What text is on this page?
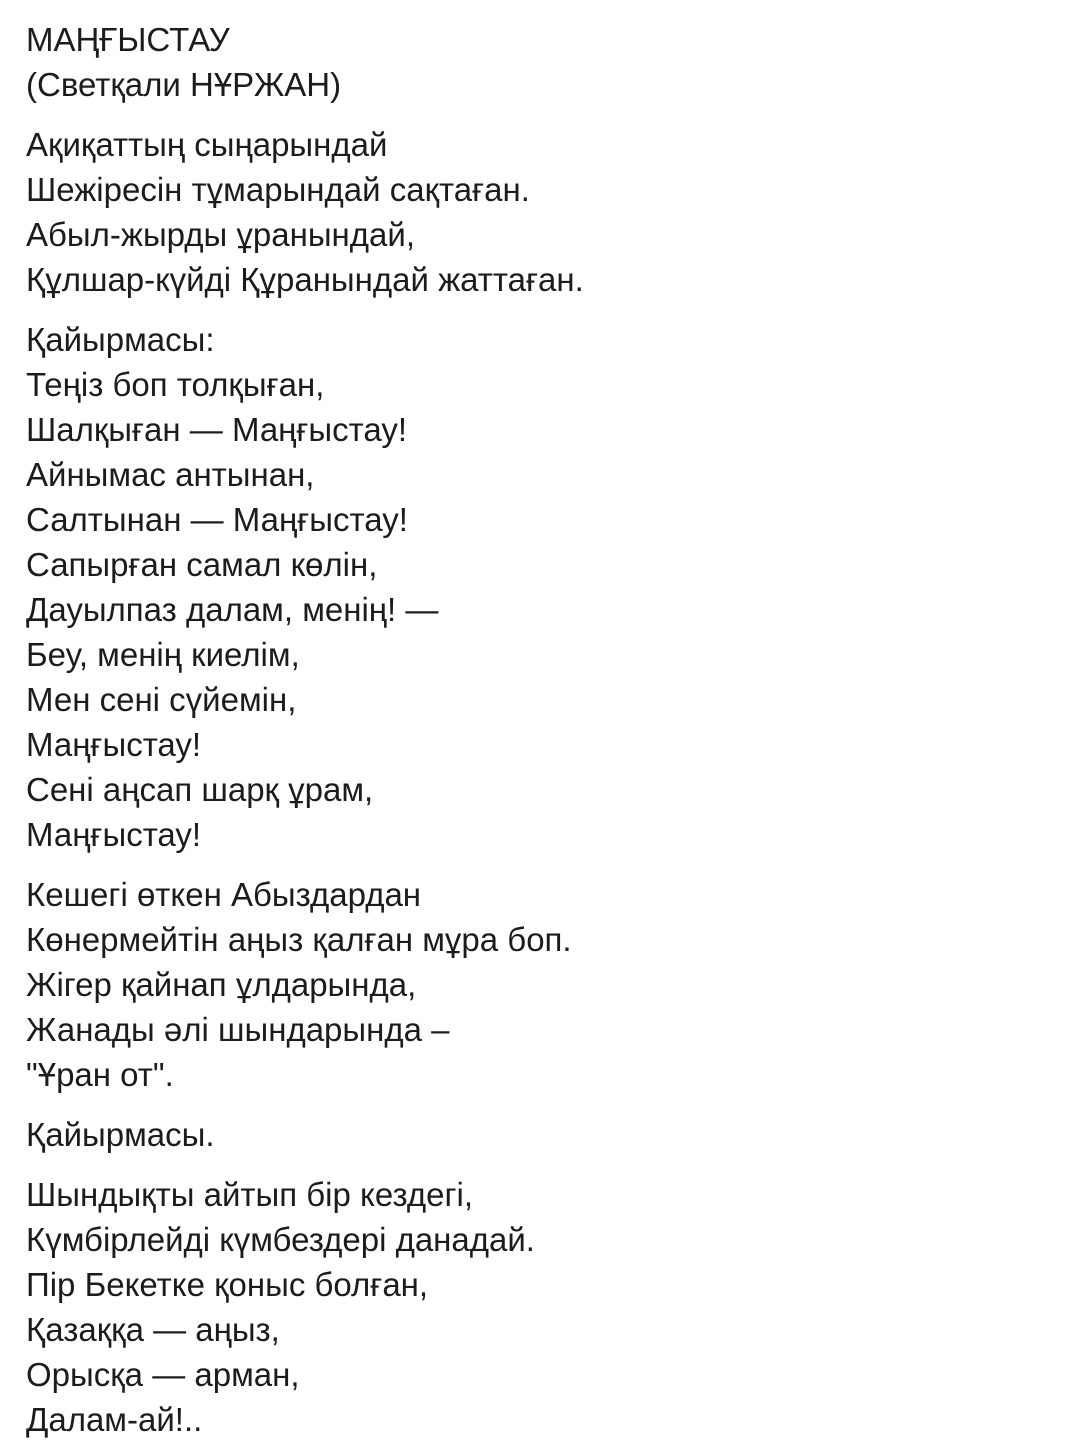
МАҢҒЫСТАУ
(Светқали НҰРЖАН)
Ақиқаттың сыңарындай
Шежіресін тұмарындай сақтаған.
Абыл-жырды ұранындай,
Құлшар-күйді Құранындай жаттаған.
Қайырмасы:
Теңіз боп толқыған,
Шалқыған — Маңғыстау!
Айнымас антынан,
Салтынан — Маңғыстау!
Сапырған самал көлін,
Дауылпаз далам, менің! —
Беу, менің киелім,
Мен сені сүйемін,
Маңғыстау!
Сені аңсап шарқ ұрам,
Маңғыстау!
Кешегі өткен Абыздардан
Көнермейтін аңыз қалған мұра боп.
Жігер қайнап ұлдарында,
Жанады әлі шындарында –
"Ұран от".
Қайырмасы.
Шындықты айтып бір кездегі,
Күмбірлейді күмбездері данадай.
Пір Бекетке қоныс болған,
Қазаққа — аңыз,
Орысқа — арман,
Далам-ай!..
